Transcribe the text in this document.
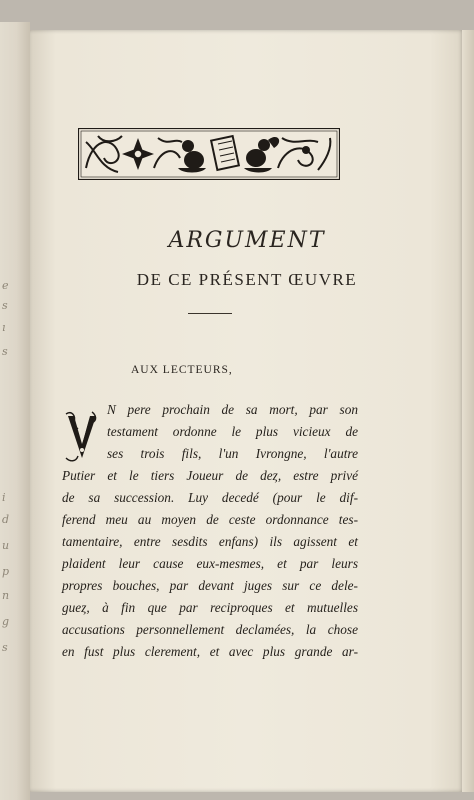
e
s
ı
s
i
d
u
p
n
g
s
ARGUMENT
DE CE PRÉSENT ŒUVRE
AUX LECTEURS,
N pere prochain de sa mort, par son
testament ordonne le plus vicieux de
ses trois fils, l'un Ivrongne, l'autre
Putier et le tiers Joueur de deȥ, estre privé
de sa succession. Luy decedé (pour le dif-
ferend meu au moyen de ceste ordonnance tes-
tamentaire, entre sesdits enfans) ils agissent et
plaident leur cause eux-mesmes, et par leurs
propres bouches, par devant juges sur ce dele-
gueȥ, à fin que par reciproques et mutuelles
accusations personnellement declamées, la chose
en fust plus clerement, et avec plus grande ar-
